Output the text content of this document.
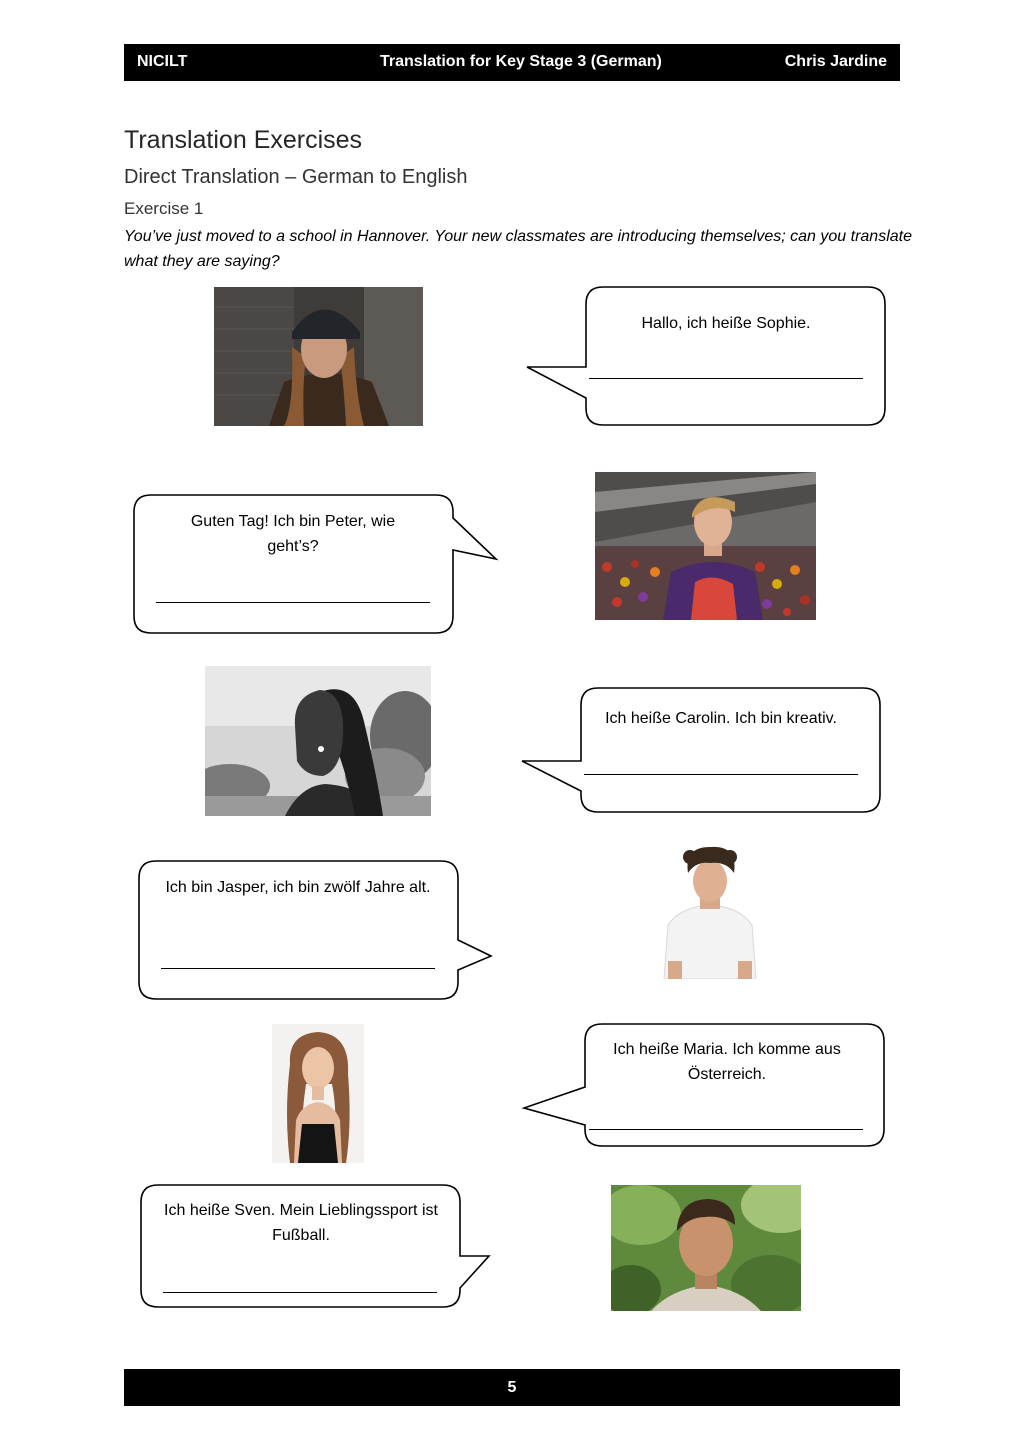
NICILT	Translation for Key Stage 3 (German)	Chris Jardine
Translation Exercises
Direct Translation – German to English
Exercise 1
You’ve just moved to a school in Hannover. Your new classmates are introducing themselves; can you translate what they are saying?
Hallo, ich heiße Sophie.
Guten Tag! Ich bin Peter, wie geht’s?
Ich heiße Carolin. Ich bin kreativ.
Ich bin Jasper, ich bin zwölf Jahre alt.
Ich heiße Maria. Ich komme aus Österreich.
Ich heiße Sven. Mein Lieblingssport ist Fußball.
5
